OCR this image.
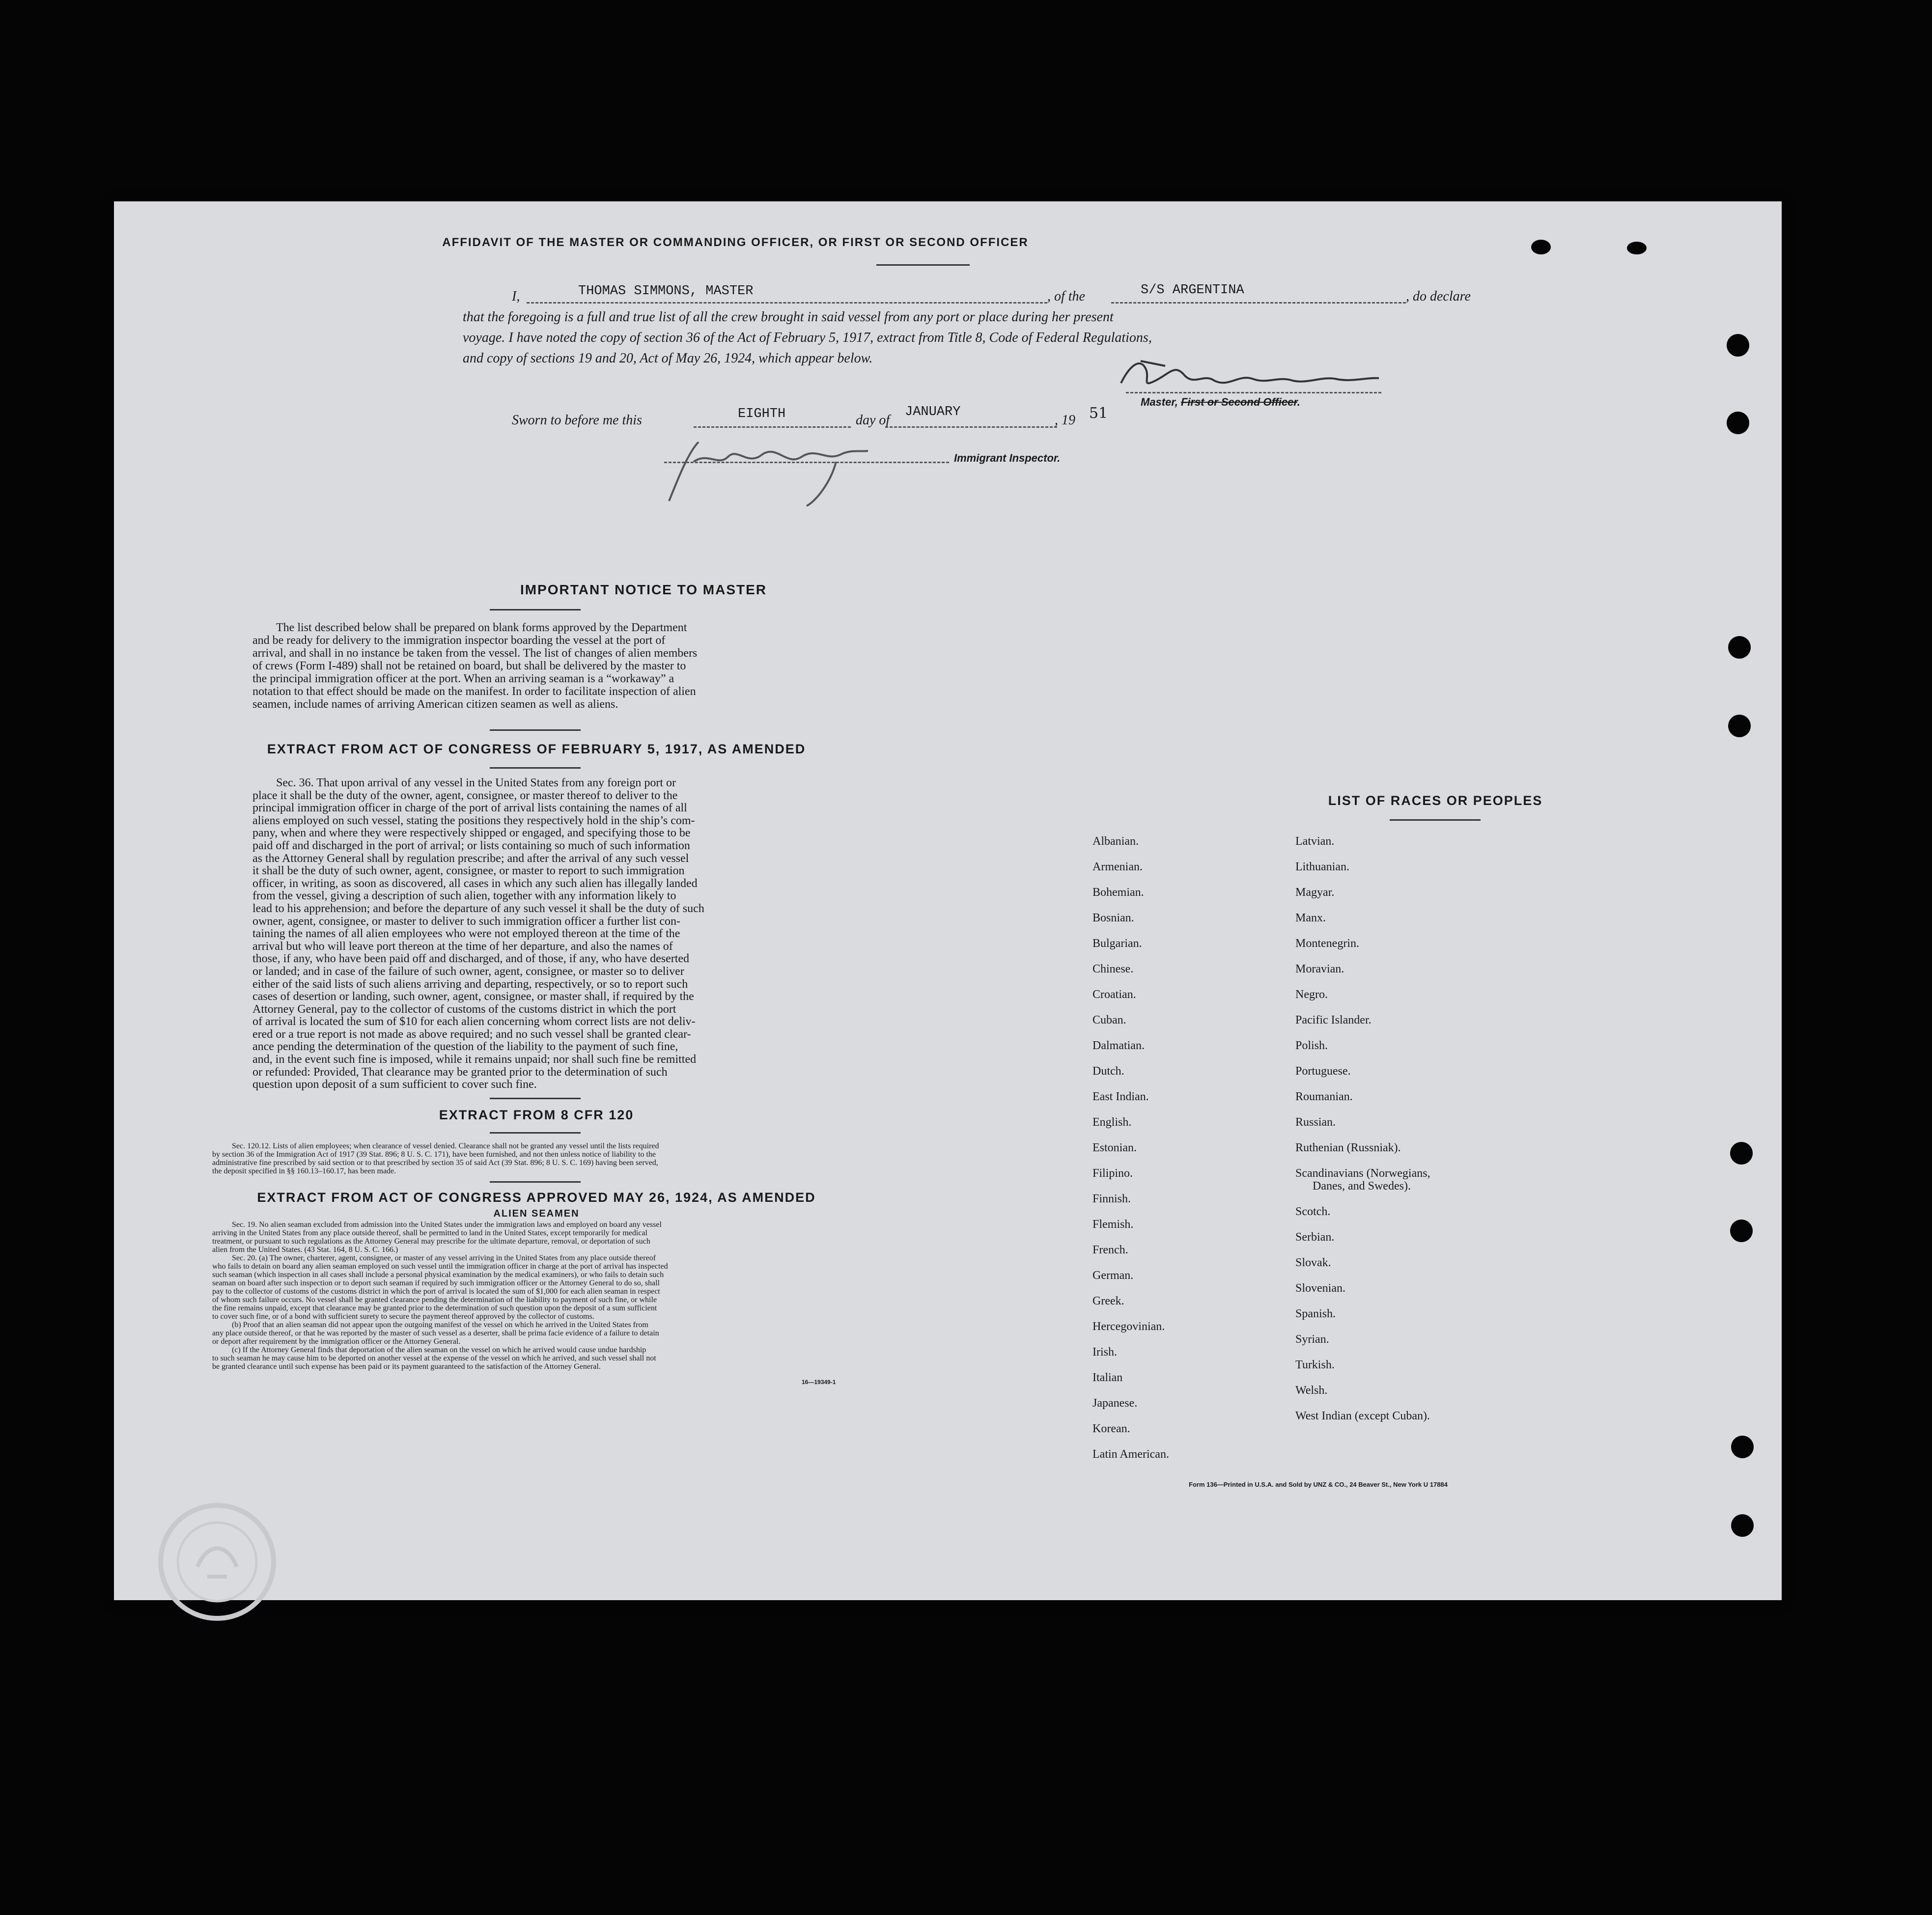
AFFIDAVIT OF THE MASTER OR COMMANDING OFFICER, OR FIRST OR SECOND OFFICER
I,	THOMAS SIMMONS, MASTER	, of the	S/S ARGENTINA	, do declare
that the foregoing is a full and true list of all the crew brought in said vessel from any port or place during her present
voyage. I have noted the copy of section 36 of the Act of February 5, 1917, extract from Title 8, Code of Federal Regulations,
and copy of sections 19 and 20, Act of May 26, 1924, which appear below.
Master, First or Second Officer.
Sworn to before me this	EIGHTH	day of
JANUARY
, 19 51
Immigrant Inspector.
IMPORTANT NOTICE TO MASTER
The list described below shall be prepared on blank forms approved by the Department
and be ready for delivery to the immigration inspector boarding the vessel at the port of
arrival, and shall in no instance be taken from the vessel. The list of changes of alien members
of crews (Form I-489) shall not be retained on board, but shall be delivered by the master to
the principal immigration officer at the port. When an arriving seaman is a “workaway” a
notation to that effect should be made on the manifest. In order to facilitate inspection of alien
seamen, include names of arriving American citizen seamen as well as aliens.
EXTRACT FROM ACT OF CONGRESS OF FEBRUARY 5, 1917, AS AMENDED
Sec. 36. That upon arrival of any vessel in the United States from any foreign port or
place it shall be the duty of the owner, agent, consignee, or master thereof to deliver to the
principal immigration officer in charge of the port of arrival lists containing the names of all
aliens employed on such vessel, stating the positions they respectively hold in the ship’s com-
pany, when and where they were respectively shipped or engaged, and specifying those to be
paid off and discharged in the port of arrival; or lists containing so much of such information
as the Attorney General shall by regulation prescribe; and after the arrival of any such vessel
it shall be the duty of such owner, agent, consignee, or master to report to such immigration
officer, in writing, as soon as discovered, all cases in which any such alien has illegally landed
from the vessel, giving a description of such alien, together with any information likely to
lead to his apprehension; and before the departure of any such vessel it shall be the duty of such
owner, agent, consignee, or master to deliver to such immigration officer a further list con-
taining the names of all alien employees who were not employed thereon at the time of the
arrival but who will leave port thereon at the time of her departure, and also the names of
those, if any, who have been paid off and discharged, and of those, if any, who have deserted
or landed; and in case of the failure of such owner, agent, consignee, or master so to deliver
either of the said lists of such aliens arriving and departing, respectively, or so to report such
cases of desertion or landing, such owner, agent, consignee, or master shall, if required by the
Attorney General, pay to the collector of customs of the customs district in which the port
of arrival is located the sum of $10 for each alien concerning whom correct lists are not deliv-
ered or a true report is not made as above required; and no such vessel shall be granted clear-
ance pending the determination of the question of the liability to the payment of such fine,
and, in the event such fine is imposed, while it remains unpaid; nor shall such fine be remitted
or refunded: Provided, That clearance may be granted prior to the determination of such
question upon deposit of a sum sufficient to cover such fine.
EXTRACT FROM 8 CFR 120
Sec. 120.12. Lists of alien employees; when clearance of vessel denied. Clearance shall not be granted any vessel until the lists required
by section 36 of the Immigration Act of 1917 (39 Stat. 896; 8 U. S. C. 171), have been furnished, and not then unless notice of liability to the
administrative fine prescribed by said section or to that prescribed by section 35 of said Act (39 Stat. 896; 8 U. S. C. 169) having been served,
the deposit specified in §§ 160.13–160.17, has been made.
EXTRACT FROM ACT OF CONGRESS APPROVED MAY 26, 1924, AS AMENDED
ALIEN SEAMEN
Sec. 19. No alien seaman excluded from admission into the United States under the immigration laws and employed on board any vessel
arriving in the United States from any place outside thereof, shall be permitted to land in the United States, except temporarily for medical
treatment, or pursuant to such regulations as the Attorney General may prescribe for the ultimate departure, removal, or deportation of such
alien from the United States. (43 Stat. 164, 8 U. S. C. 166.)
Sec. 20. (a) The owner, charterer, agent, consignee, or master of any vessel arriving in the United States from any place outside thereof
who fails to detain on board any alien seaman employed on such vessel until the immigration officer in charge at the port of arrival has inspected
such seaman (which inspection in all cases shall include a personal physical examination by the medical examiners), or who fails to detain such
seaman on board after such inspection or to deport such seaman if required by such immigration officer or the Attorney General to do so, shall
pay to the collector of customs of the customs district in which the port of arrival is located the sum of $1,000 for each alien seaman in respect
of whom such failure occurs. No vessel shall be granted clearance pending the determination of the liability to payment of such fine, or while
the fine remains unpaid, except that clearance may be granted prior to the determination of such question upon the deposit of a sum sufficient
to cover such fine, or of a bond with sufficient surety to secure the payment thereof approved by the collector of customs.
(b) Proof that an alien seaman did not appear upon the outgoing manifest of the vessel on which he arrived in the United States from
any place outside thereof, or that he was reported by the master of such vessel as a deserter, shall be prima facie evidence of a failure to detain
or deport after requirement by the immigration officer or the Attorney General.
(c) If the Attorney General finds that deportation of the alien seaman on the vessel on which he arrived would cause undue hardship
to such seaman he may cause him to be deported on another vessel at the expense of the vessel on which he arrived, and such vessel shall not
be granted clearance until such expense has been paid or its payment guaranteed to the satisfaction of the Attorney General.
16—19349-1
LIST OF RACES OR PEOPLES
Albanian.
Armenian.
Bohemian.
Bosnian.
Bulgarian.
Chinese.
Croatian.
Cuban.
Dalmatian.
Dutch.
East Indian.
English.
Estonian.
Filipino.
Finnish.
Flemish.
French.
German.
Greek.
Hercegovinian.
Irish.
Italian
Japanese.
Korean.
Latin American.
Latvian.
Lithuanian.
Magyar.
Manx.
Montenegrin.
Moravian.
Negro.
Pacific Islander.
Polish.
Portuguese.
Roumanian.
Russian.
Ruthenian (Russniak).
Scandinavians (Norwegians,
Scotch.
Serbian.
Slovak.
Slovenian.
Spanish.
Syrian.
Turkish.
Welsh.
West Indian (except Cuban).
Danes, and Swedes).
Form 136—Printed in U.S.A. and Sold by UNZ & CO., 24 Beaver St., New York U 17884
